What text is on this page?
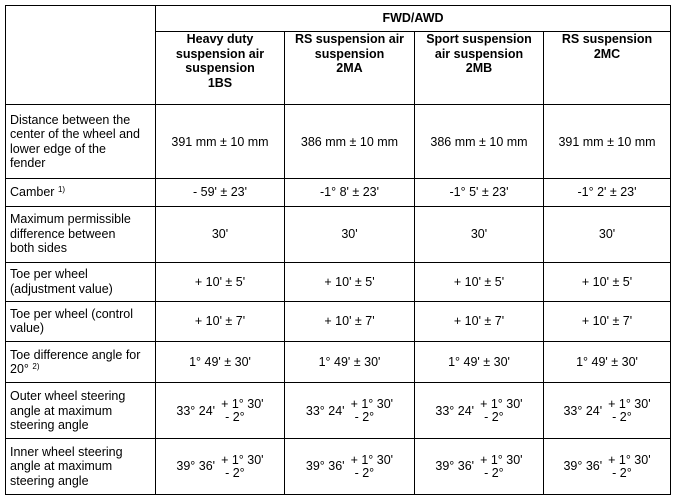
	FWD/AWD			
	Heavy duty
suspension air
suspension
1BS	RS suspension air
suspension
2MA	Sport suspension
air suspension
2MB	RS suspension
2MC
Distance between the
center of the wheel and
lower edge of the
fender	391 mm ± 10 mm	386 mm ± 10 mm	386 mm ± 10 mm	391 mm ± 10 mm
Camber $^{1)}$	- 59' ± 23'	-1° 8' ± 23'	-1° 5' ± 23'	-1° 2' ± 23'
Maximum permissible
difference between
both sides	30'	30'	30'	30'
Toe per wheel
(adjustment value)	+ 10' ± 5'	+ 10' ± 5'	+ 10' ± 5'	+ 10' ± 5'
Toe per wheel (control
value)	+ 10' ± 7'	+ 10' ± 7'	+ 10' ± 7'	+ 10' ± 7'
Toe difference angle for
20° $^{2)}$	1° 49' ± 30'	1° 49' ± 30'	1° 49' ± 30'	1° 49' ± 30'
Outer wheel steering
angle at maximum
steering angle	33° 24' + 1° 30'
- 2°	33° 24' + 1° 30'
- 2°	33° 24' + 1° 30'
- 2°	33° 24' + 1° 30'
- 2°

Inner wheel steering
angle at maximum
steering angle	39° 36' + 1° 30'
- 2°	39° 36' + 1° 30'
- 2°	39° 36' + 1° 30'
- 2°	39° 36' + 1° 30'
- 2°
